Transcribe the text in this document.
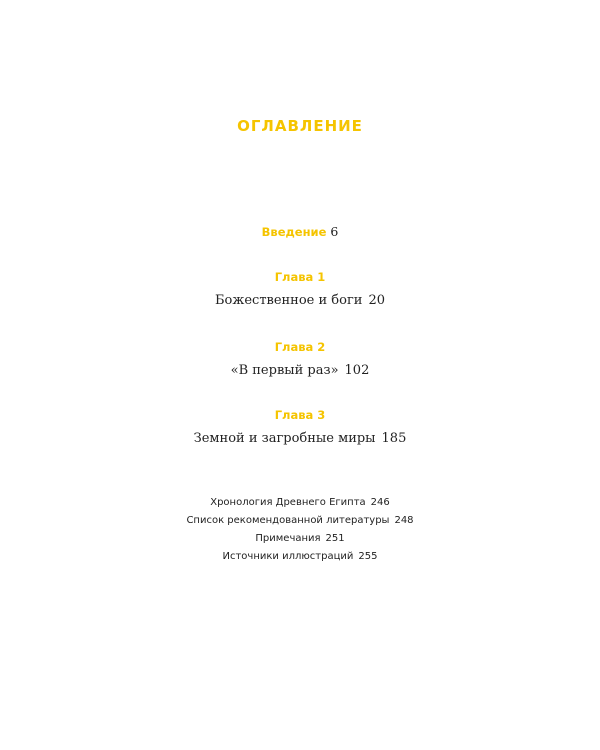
ОГЛАВЛЕНИЕ
Введение 6
Глава 1
Божественное и боги 20
Глава 2
«В первый раз» 102
Глава 3
Земной и загробные миры 185
Хронология Древнего Египта 246
Список рекомендованной литературы 248
Примечания 251
Источники иллюстраций 255
